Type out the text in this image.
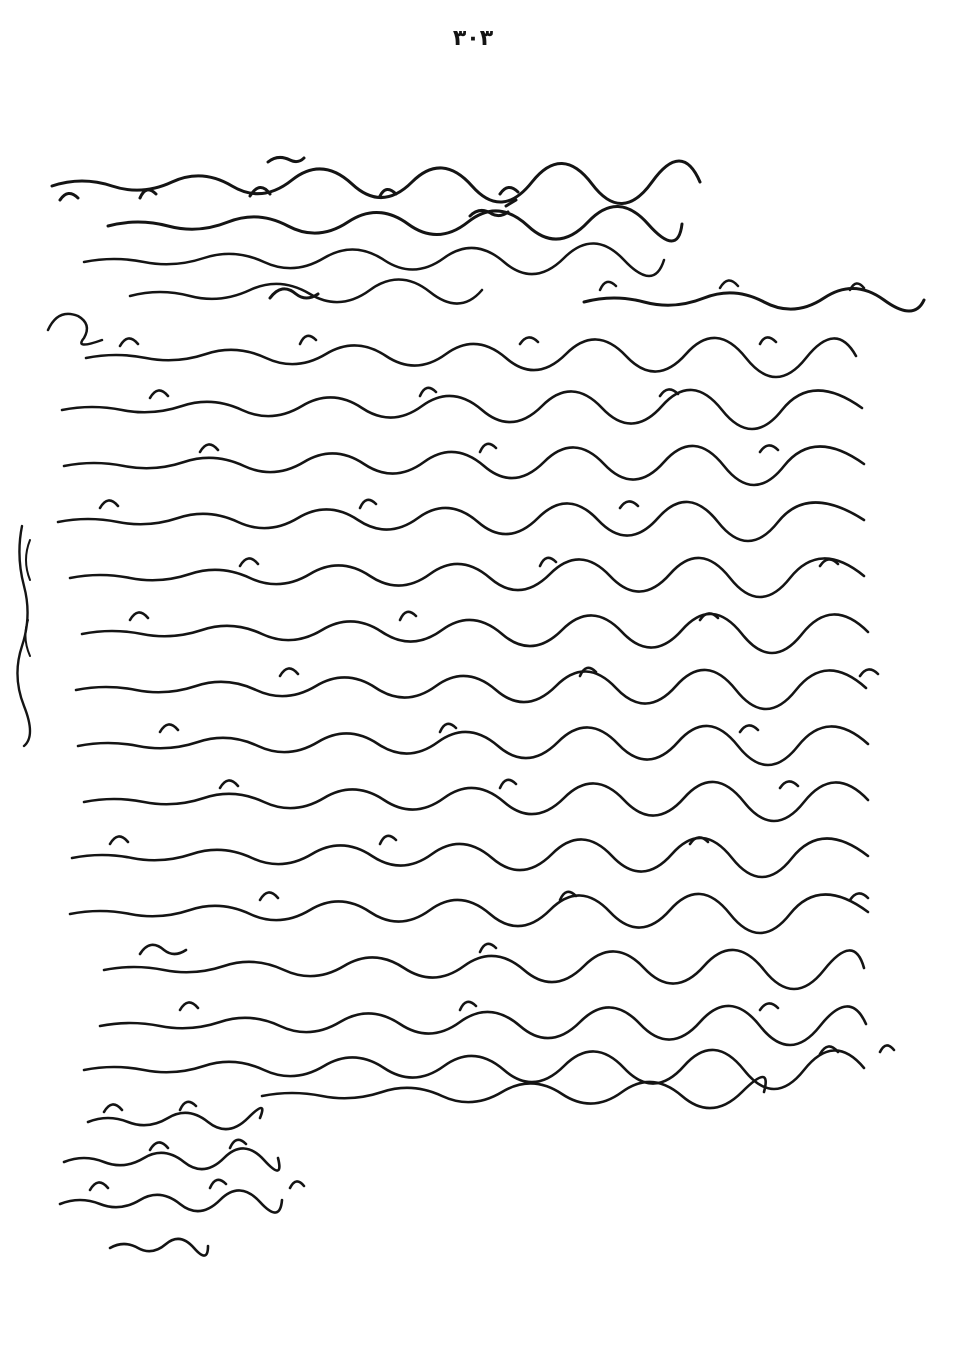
٣٠٣
